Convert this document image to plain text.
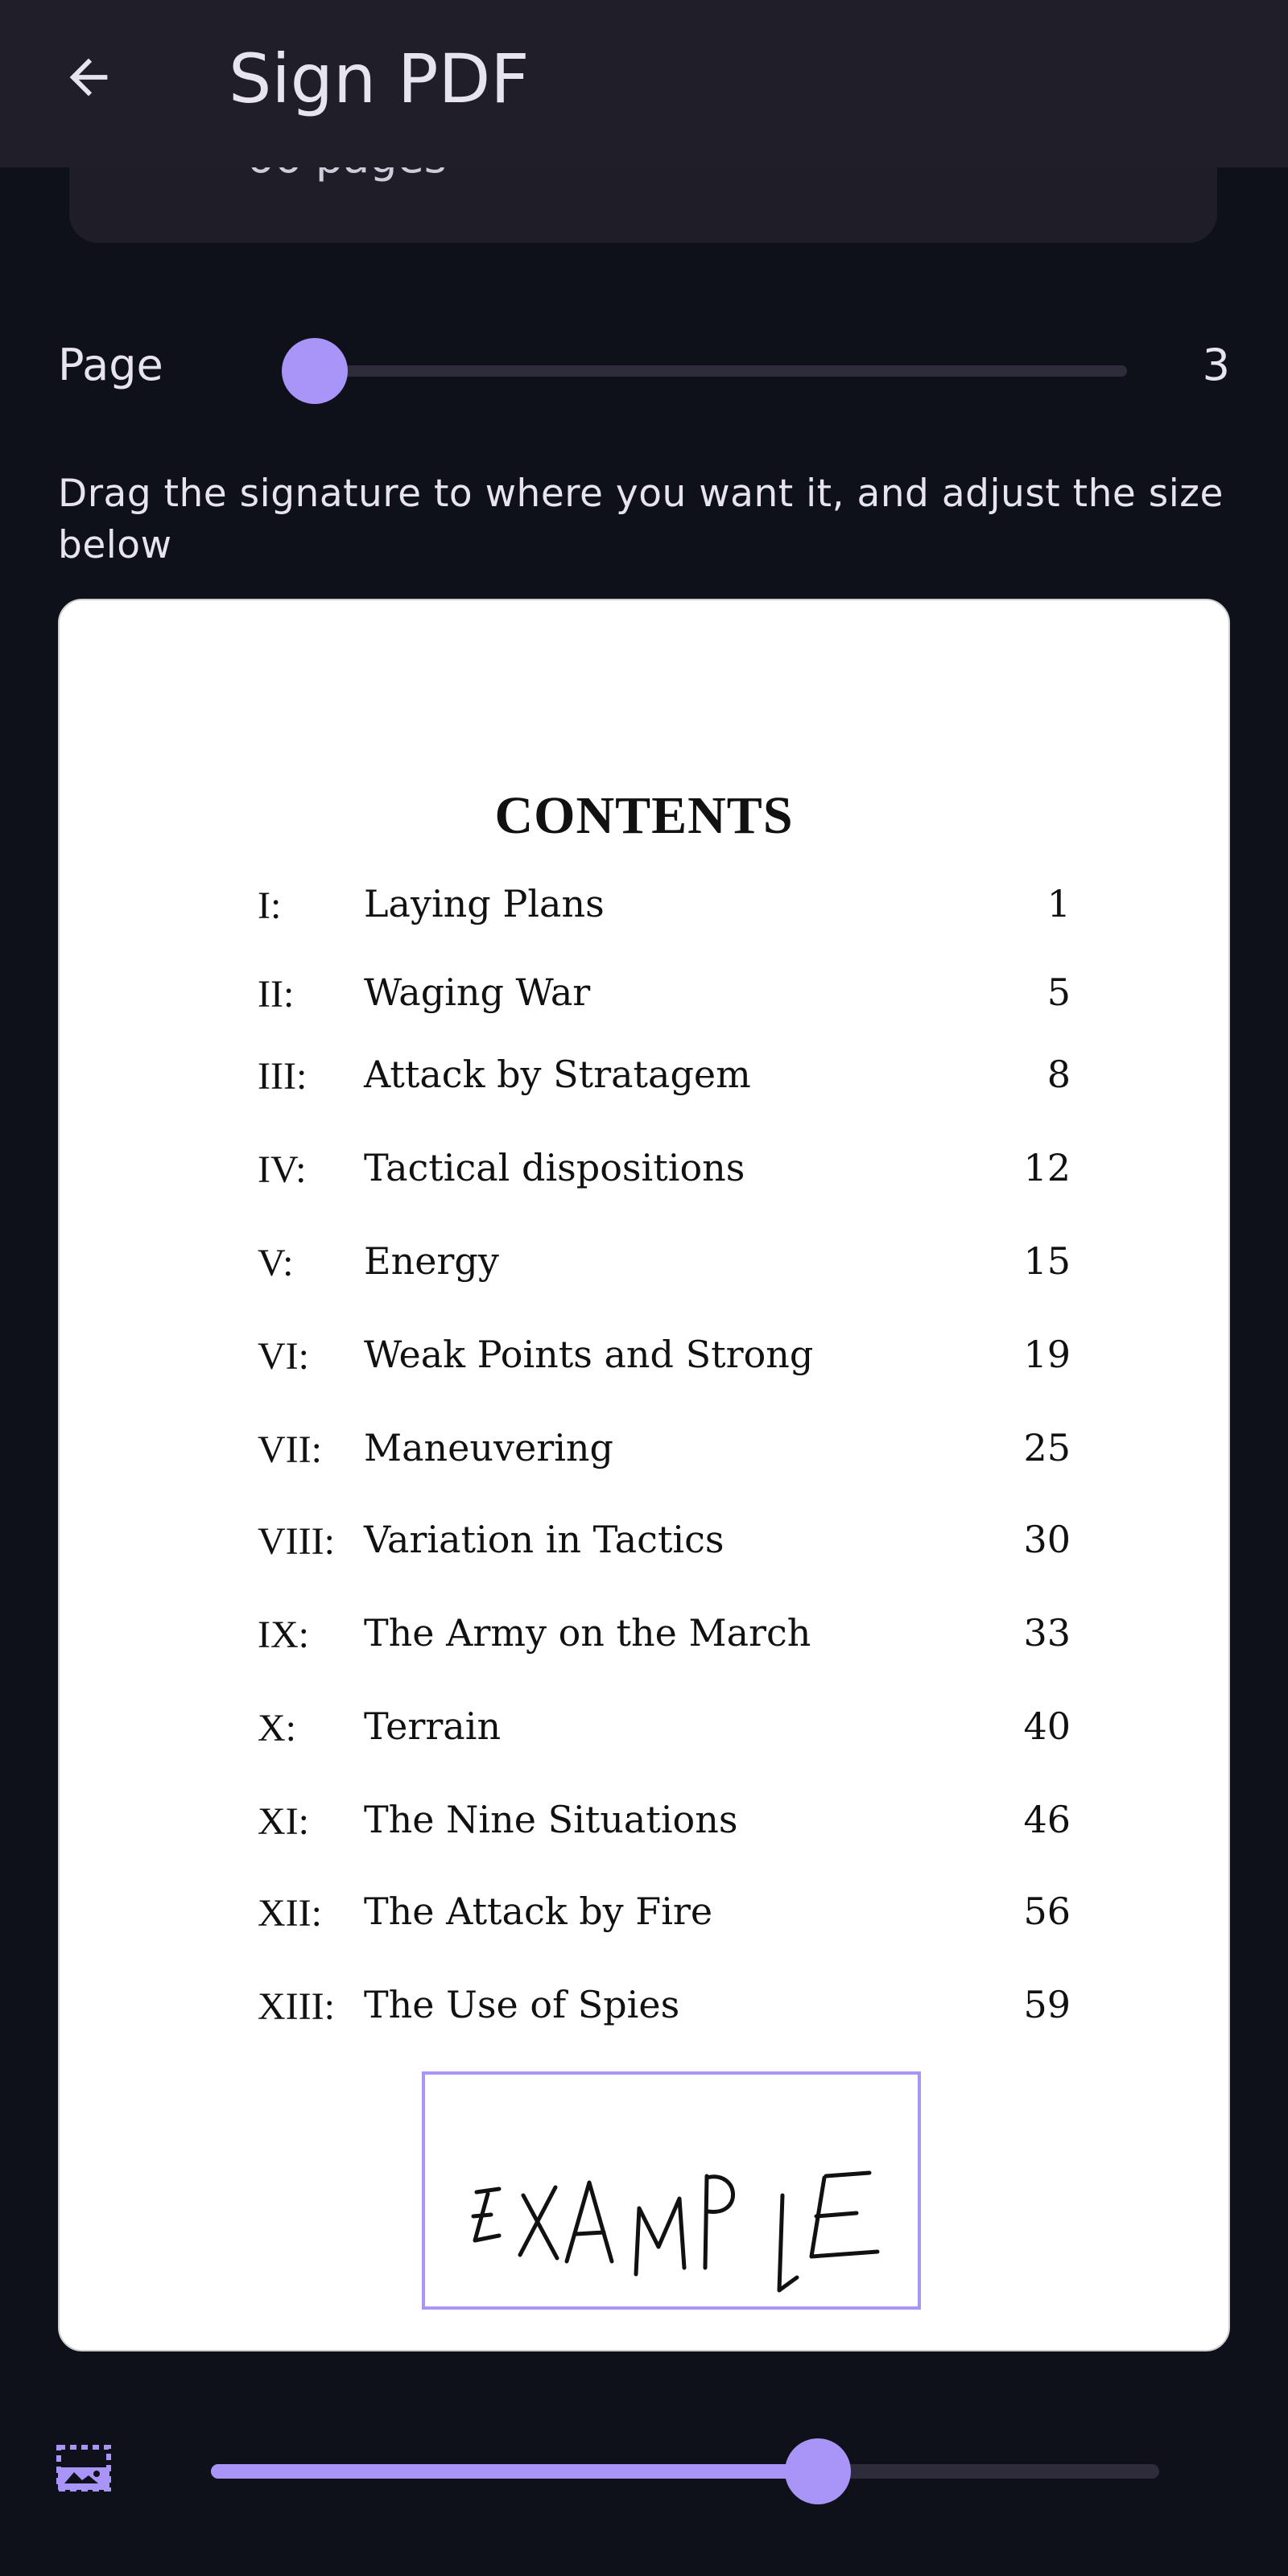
Sign PDF
Page	3
Drag the signature to where you want it, and adjust the size below
CONTENTS
I: Laying Plans	1
II: Waging War	5
III: Attack by Stratagem	8
IV: Tactical dispositions	12
V: Energy	15
VI: Weak Points and Strong	19
VII: Maneuvering	25
VIII: Variation in Tactics	30
IX: The Army on the March	33
X: Terrain	40
XI: The Nine Situations	46
XII: The Attack by Fire	56
XIII: The Use of Spies	59
